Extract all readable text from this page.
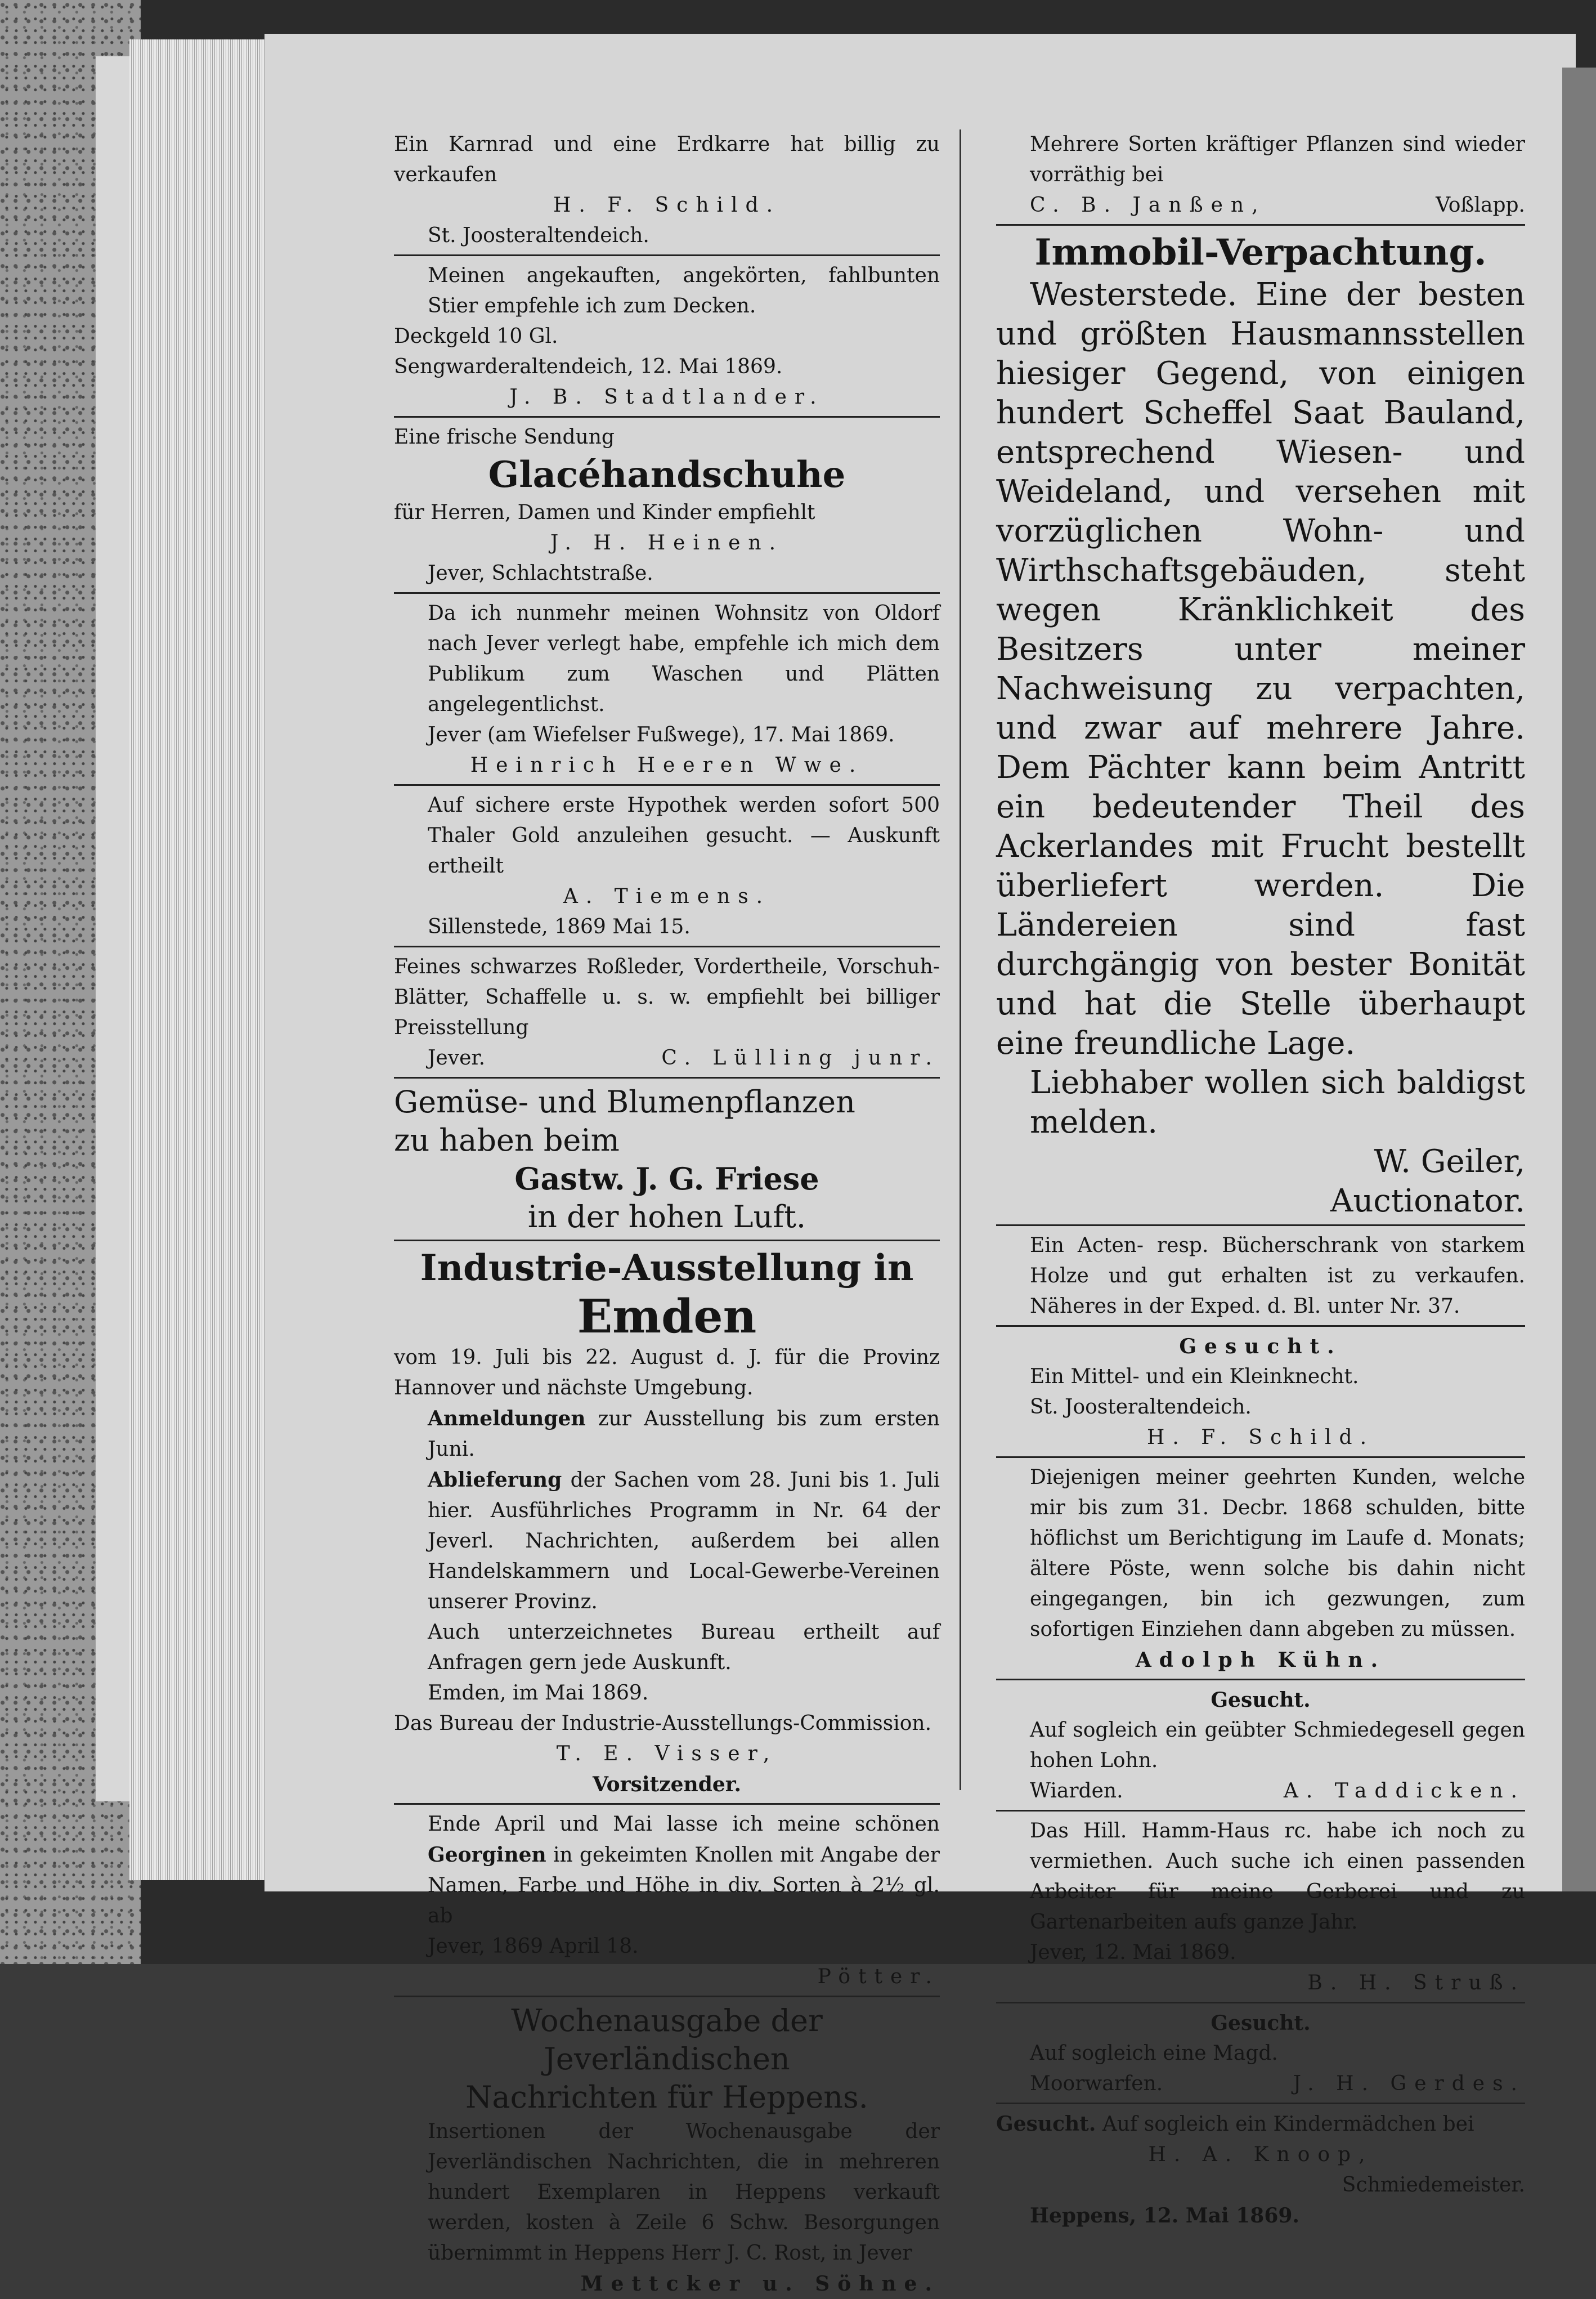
Ein Karnrad und eine Erdkarre hat billig zu verkaufen

H. F. Schild.

St. Joosteraltendeich.

Meinen angekauften, angekörten, fahlbunten Stier empfehle ich zum Decken.

Deckgeld 10 Gl.

Sengwarderaltendeich, 12. Mai 1869.

J. B. Stadtlander.

Eine frische Sendung

Glacéhandschuhe

für Herren, Damen und Kinder empfiehlt

J. H. Heinen.

Jever, Schlachtstraße.

Da ich nunmehr meinen Wohnsitz von Oldorf nach Jever verlegt habe, empfehle ich mich dem Publikum zum Waschen und Plätten angelegentlichst.

Jever (am Wiefelser Fußwege), 17. Mai 1869.

Heinrich Heeren Wwe.

Auf sichere erste Hypothek werden sofort 500 Thaler Gold anzuleihen gesucht. — Auskunft ertheilt

A. Tiemens.

Sillenstede, 1869 Mai 15.

Feines schwarzes Roßleder, Vordertheile, Vorschuh-Blätter, Schaffelle u. s. w. empfiehlt bei billiger Preisstellung

Jever.	C. Lülling junr.

Gemüse- und Blumenpflanzen

zu haben beim

Gastw. J. G. Friese

in der hohen Luft.

Industrie-Ausstellung in

Emden

vom 19. Juli bis 22. August d. J. für die Provinz Hannover und nächste Umgebung.

Anmeldungen zur Ausstellung bis zum ersten Juni.

Ablieferung der Sachen vom 28. Juni bis 1. Juli hier. Ausführliches Programm in Nr. 64 der Jeverl. Nachrichten, außerdem bei allen Handelskammern und Local-Gewerbe-Vereinen unserer Provinz.

Auch unterzeichnetes Bureau ertheilt auf Anfragen gern jede Auskunft.

Emden, im Mai 1869.

Das Bureau der Industrie-Ausstellungs-Commission.

T. E. Visser,

Vorsitzender.

Ende April und Mai lasse ich meine schönen Georginen in gekeimten Knollen mit Angabe der Namen, Farbe und Höhe in div. Sorten à 2½ gl. ab

Jever, 1869 April 18.

Pötter.

Wochenausgabe der Jeverländischen

Nachrichten für Heppens.

Insertionen der Wochenausgabe der Jeverländischen Nachrichten, die in mehreren hundert Exemplaren in Heppens verkauft werden, kosten à Zeile 6 Schw. Besorgungen übernimmt in Heppens Herr J. C. Rost, in Jever

Mettcker u. Söhne.

Mehrere Sorten kräftiger Pflanzen sind wieder vorräthig bei

C. B. Janßen,	Voßlapp.

Immobil-Verpachtung.

Westerstede. Eine der besten und größten Hausmannsstellen hiesiger Gegend, von einigen hundert Scheffel Saat Bauland, entsprechend Wiesen- und Weideland, und versehen mit vorzüglichen Wohn- und Wirthschaftsgebäuden, steht wegen Kränklichkeit des Besitzers unter meiner Nachweisung zu verpachten, und zwar auf mehrere Jahre. Dem Pächter kann beim Antritt ein bedeutender Theil des Ackerlandes mit Frucht bestellt überliefert werden. Die Ländereien sind fast durchgängig von bester Bonität und hat die Stelle überhaupt eine freundliche Lage.

Liebhaber wollen sich baldigst melden.

W. Geiler,

Auctionator.

Ein Acten- resp. Bücherschrank von starkem Holze und gut erhalten ist zu verkaufen. Näheres in der Exped. d. Bl. unter Nr. 37.

Gesucht.

Ein Mittel- und ein Kleinknecht.

St. Joosteraltendeich.

H. F. Schild.

Diejenigen meiner geehrten Kunden, welche mir bis zum 31. Decbr. 1868 schulden, bitte höflichst um Berichtigung im Laufe d. Monats; ältere Pöste, wenn solche bis dahin nicht eingegangen, bin ich gezwungen, zum sofortigen Einziehen dann abgeben zu müssen.

Adolph Kühn.

Gesucht.

Auf sogleich ein geübter Schmiedegesell gegen hohen Lohn.

Wiarden.	A. Taddicken.

Das Hill. Hamm-Haus rc. habe ich noch zu vermiethen. Auch suche ich einen passenden Arbeiter für meine Gerberei und zu Gartenarbeiten aufs ganze Jahr.

Jever, 12. Mai 1869.

B. H. Struß.

Gesucht.

Auf sogleich eine Magd.

Moorwarfen.	J. H. Gerdes.

Gesucht. Auf sogleich ein Kindermädchen bei

H. A. Knoop,

Schmiedemeister.

Heppens, 12. Mai 1869.
